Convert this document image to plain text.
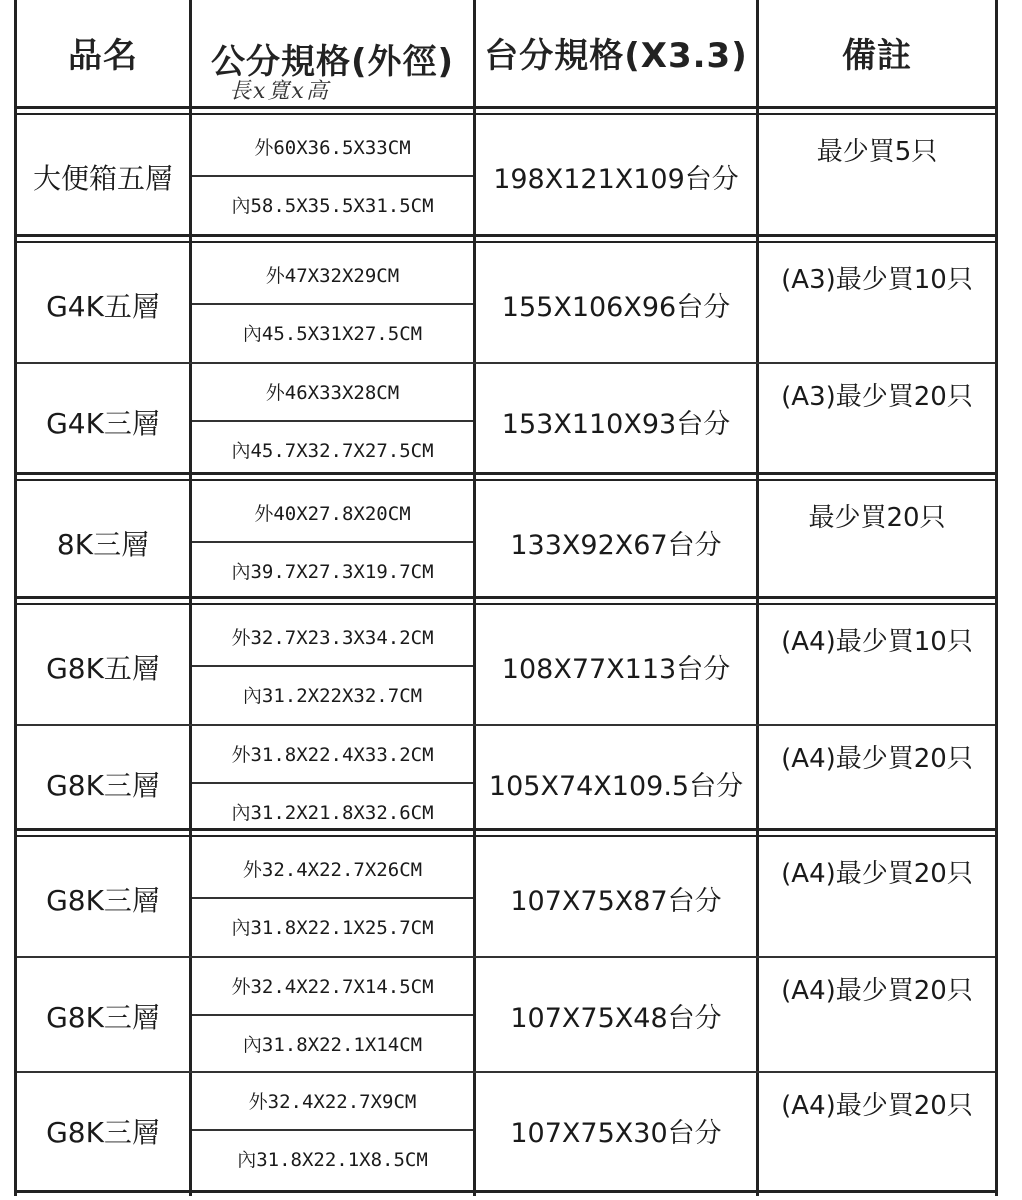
品名	公分規格(外徑)
長x寬x高
台分規格(X3.3)	備註
大便箱五層
外60X36.5X33CM
內58.5X35.5X31.5CM
198X121X109台分
最少買5只
G4K五層
外47X32X29CM
內45.5X31X27.5CM
155X106X96台分
(A3)最少買10只
G4K三層
外46X33X28CM
內45.7X32.7X27.5CM
153X110X93台分
(A3)最少買20只
8K三層
外40X27.8X20CM
內39.7X27.3X19.7CM
133X92X67台分
最少買20只
G8K五層
外32.7X23.3X34.2CM
內31.2X22X32.7CM
108X77X113台分
(A4)最少買10只
G8K三層
外31.8X22.4X33.2CM
內31.2X21.8X32.6CM
105X74X109.5台分
(A4)最少買20只
G8K三層
外32.4X22.7X26CM
內31.8X22.1X25.7CM
107X75X87台分
(A4)最少買20只
G8K三層
外32.4X22.7X14.5CM
內31.8X22.1X14CM
107X75X48台分
(A4)最少買20只
G8K三層
外32.4X22.7X9CM
內31.8X22.1X8.5CM
107X75X30台分
(A4)最少買20只
